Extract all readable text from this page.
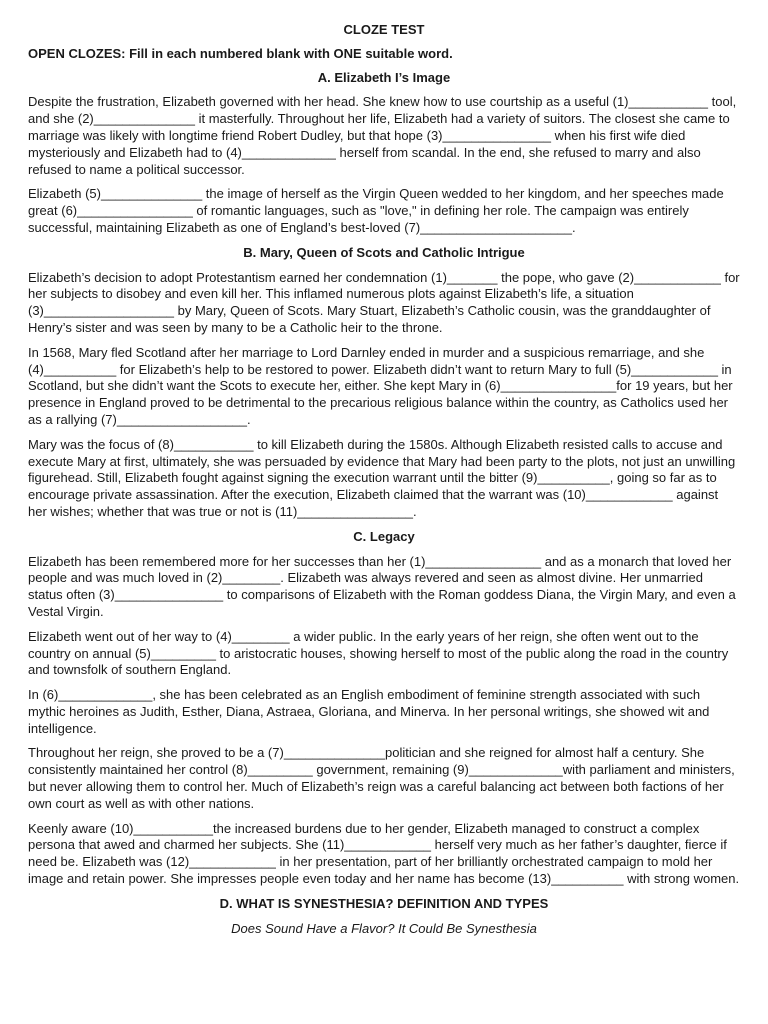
CLOZE TEST
OPEN CLOZES: Fill in each numbered blank with ONE suitable word.
A. Elizabeth I’s Image

Despite the frustration, Elizabeth governed with her head. She knew how to use courtship as a useful (1)___________ tool, and she (2)______________ it masterfully. Throughout her life, Elizabeth had a variety of suitors. The closest she came to marriage was likely with longtime friend Robert Dudley, but that hope (3)_______________ when his first wife died mysteriously and Elizabeth had to (4)_____________ herself from scandal. In the end, she refused to marry and also refused to name a political successor.

Elizabeth (5)______________ the image of herself as the Virgin Queen wedded to her kingdom, and her speeches made great (6)________________ of romantic languages, such as "love," in defining her role. The campaign was entirely successful, maintaining Elizabeth as one of England’s best-loved (7)_____________________.

B. Mary, Queen of Scots and Catholic Intrigue

Elizabeth’s decision to adopt Protestantism earned her condemnation (1)_______ the pope, who gave (2)____________ for her subjects to disobey and even kill her. This inflamed numerous plots against Elizabeth’s life, a situation (3)__________________ by Mary, Queen of Scots. Mary Stuart, Elizabeth’s Catholic cousin, was the granddaughter of Henry’s sister and was seen by many to be a Catholic heir to the throne.

In 1568, Mary fled Scotland after her marriage to Lord Darnley ended in murder and a suspicious remarriage, and she (4)__________ for Elizabeth’s help to be restored to power. Elizabeth didn’t want to return Mary to full (5)____________ in Scotland, but she didn’t want the Scots to execute her, either. She kept Mary in (6)________________for 19 years, but her presence in England proved to be detrimental to the precarious religious balance within the country, as Catholics used her as a rallying (7)__________________.

Mary was the focus of (8)___________ to kill Elizabeth during the 1580s. Although Elizabeth resisted calls to accuse and execute Mary at first, ultimately, she was persuaded by evidence that Mary had been party to the plots, not just an unwilling figurehead. Still, Elizabeth fought against signing the execution warrant until the bitter (9)__________, going so far as to encourage private assassination. After the execution, Elizabeth claimed that the warrant was (10)____________ against her wishes; whether that was true or not is (11)________________.

C. Legacy

Elizabeth has been remembered more for her successes than her (1)________________ and as a monarch that loved her people and was much loved in (2)________. Elizabeth was always revered and seen as almost divine. Her unmarried status often (3)_______________ to comparisons of Elizabeth with the Roman goddess Diana, the Virgin Mary, and even a Vestal Virgin.

Elizabeth went out of her way to (4)________ a wider public. In the early years of her reign, she often went out to the country on annual (5)_________ to aristocratic houses, showing herself to most of the public along the road in the country and townsfolk of southern England.

In (6)_____________, she has been celebrated as an English embodiment of feminine strength associated with such mythic heroines as Judith, Esther, Diana, Astraea, Gloriana, and Minerva. In her personal writings, she showed wit and intelligence.

Throughout her reign, she proved to be a (7)______________politician and she reigned for almost half a century. She consistently maintained her control (8)_________ government, remaining (9)_____________with parliament and ministers, but never allowing them to control her. Much of Elizabeth’s reign was a careful balancing act between both factions of her own court as well as with other nations.

Keenly aware (10)___________the increased burdens due to her gender, Elizabeth managed to construct a complex persona that awed and charmed her subjects. She (11)____________ herself very much as her father’s daughter, fierce if need be. Elizabeth was (12)____________ in her presentation, part of her brilliantly orchestrated campaign to mold her image and retain power. She impresses people even today and her name has become (13)__________ with strong women.

D. WHAT IS SYNESTHESIA? DEFINITION AND TYPES
Does Sound Have a Flavor? It Could Be Synesthesia
